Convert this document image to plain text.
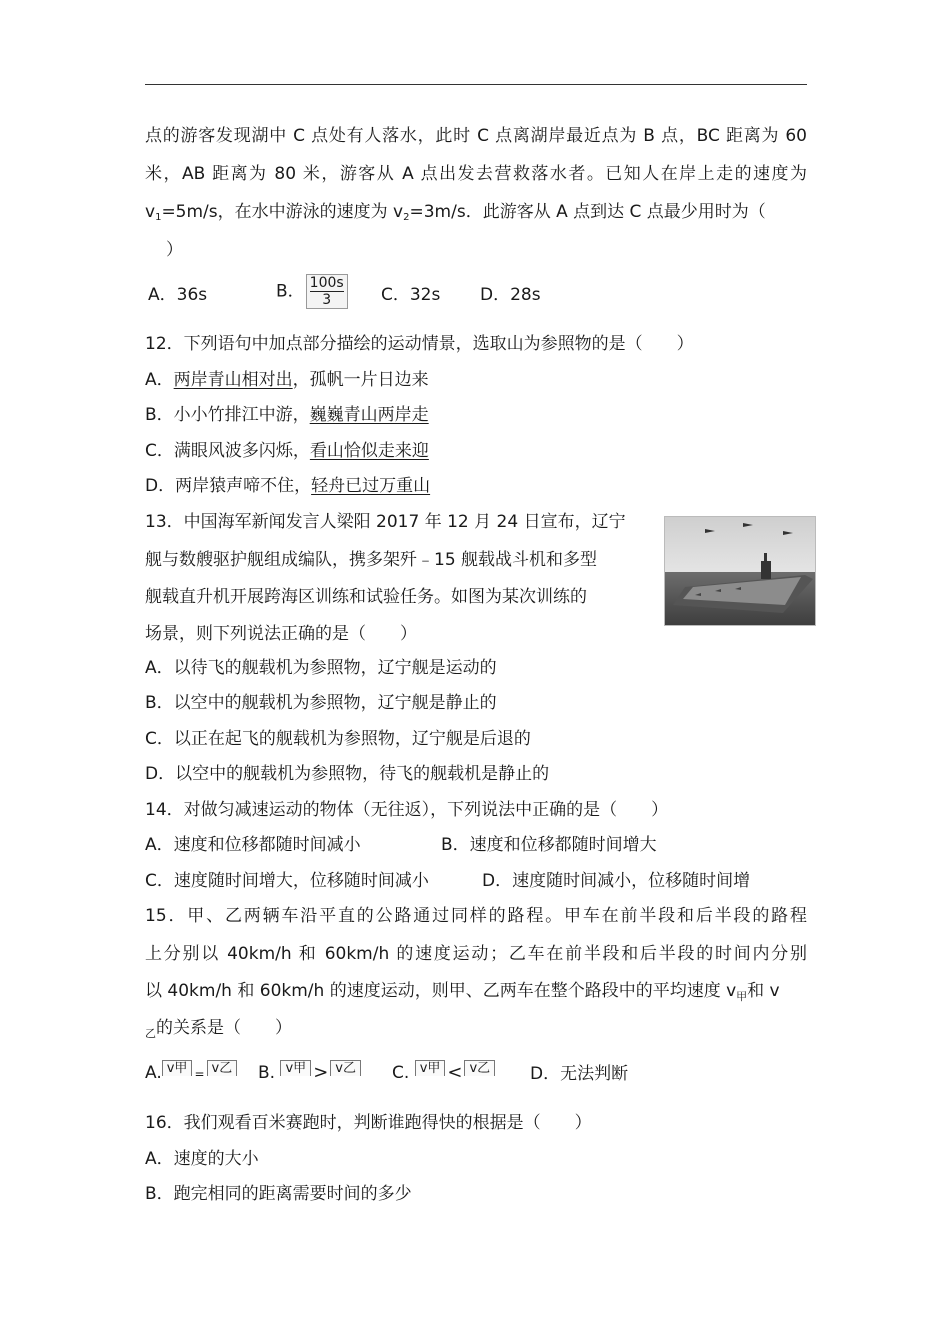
点的游客发现湖中 C 点处有人落水，此时 C 点离湖岸最近点为 B 点，BC 距离为 60
米，AB 距离为 80 米，游客从 A 点出发去营救落水者。已知人在岸上走的速度为
$v_1=5m/s$，在水中游泳的速度为 $v_2=3m/s$．此游客从 A 点到达 C 点最少用时为（
）
A．36s	B． $\frac{100s}{3}$ C．32s D．28s
12．下列语句中加点部分描绘的运动情景，选取山为参照物的是（　　）
A．两岸青山相对出，孤帆一片日边来
B．小小竹排江中游，巍巍青山两岸走
C．满眼风波多闪烁，看山恰似走来迎
D．两岸猿声啼不住，轻舟已过万重山
13．中国海军新闻发言人梁阳 2017 年 12 月 24 日宣布，辽宁
舰与数艘驱护舰组成编队，携多架歼﹣15 舰载战斗机和多型
舰载直升机开展跨海区训练和试验任务。如图为某次训练的
场景，则下列说法正确的是（　　）
A．以待飞的舰载机为参照物，辽宁舰是运动的
B．以空中的舰载机为参照物，辽宁舰是静止的
C．以正在起飞的舰载机为参照物，辽宁舰是后退的
D．以空中的舰载机为参照物，待飞的舰载机是静止的
14．对做匀减速运动的物体（无往返），下列说法中正确的是（　　）
A．速度和位移都随时间减小	B．速度和位移都随时间增大
C．速度随时间增大，位移随时间减小	D．速度随时间减小，位移随时间增
15．甲、乙两辆车沿平直的公路通过同样的路程。甲车在前半段和后半段的路程
上分别以 40km/h 和 60km/h 的速度运动；乙车在前半段和后半段的时间内分别
以 40km/h 和 60km/h 的速度运动，则甲、乙两车在整个路段中的平均速度 $v_甲$和 v
$_乙$的关系是（　　）
A. v甲 = v乙 B. v甲 > v乙 C. v甲 < v乙 D．无法判断
16．我们观看百米赛跑时，判断谁跑得快的根据是（　　）
A．速度的大小
B．跑完相同的距离需要时间的多少
